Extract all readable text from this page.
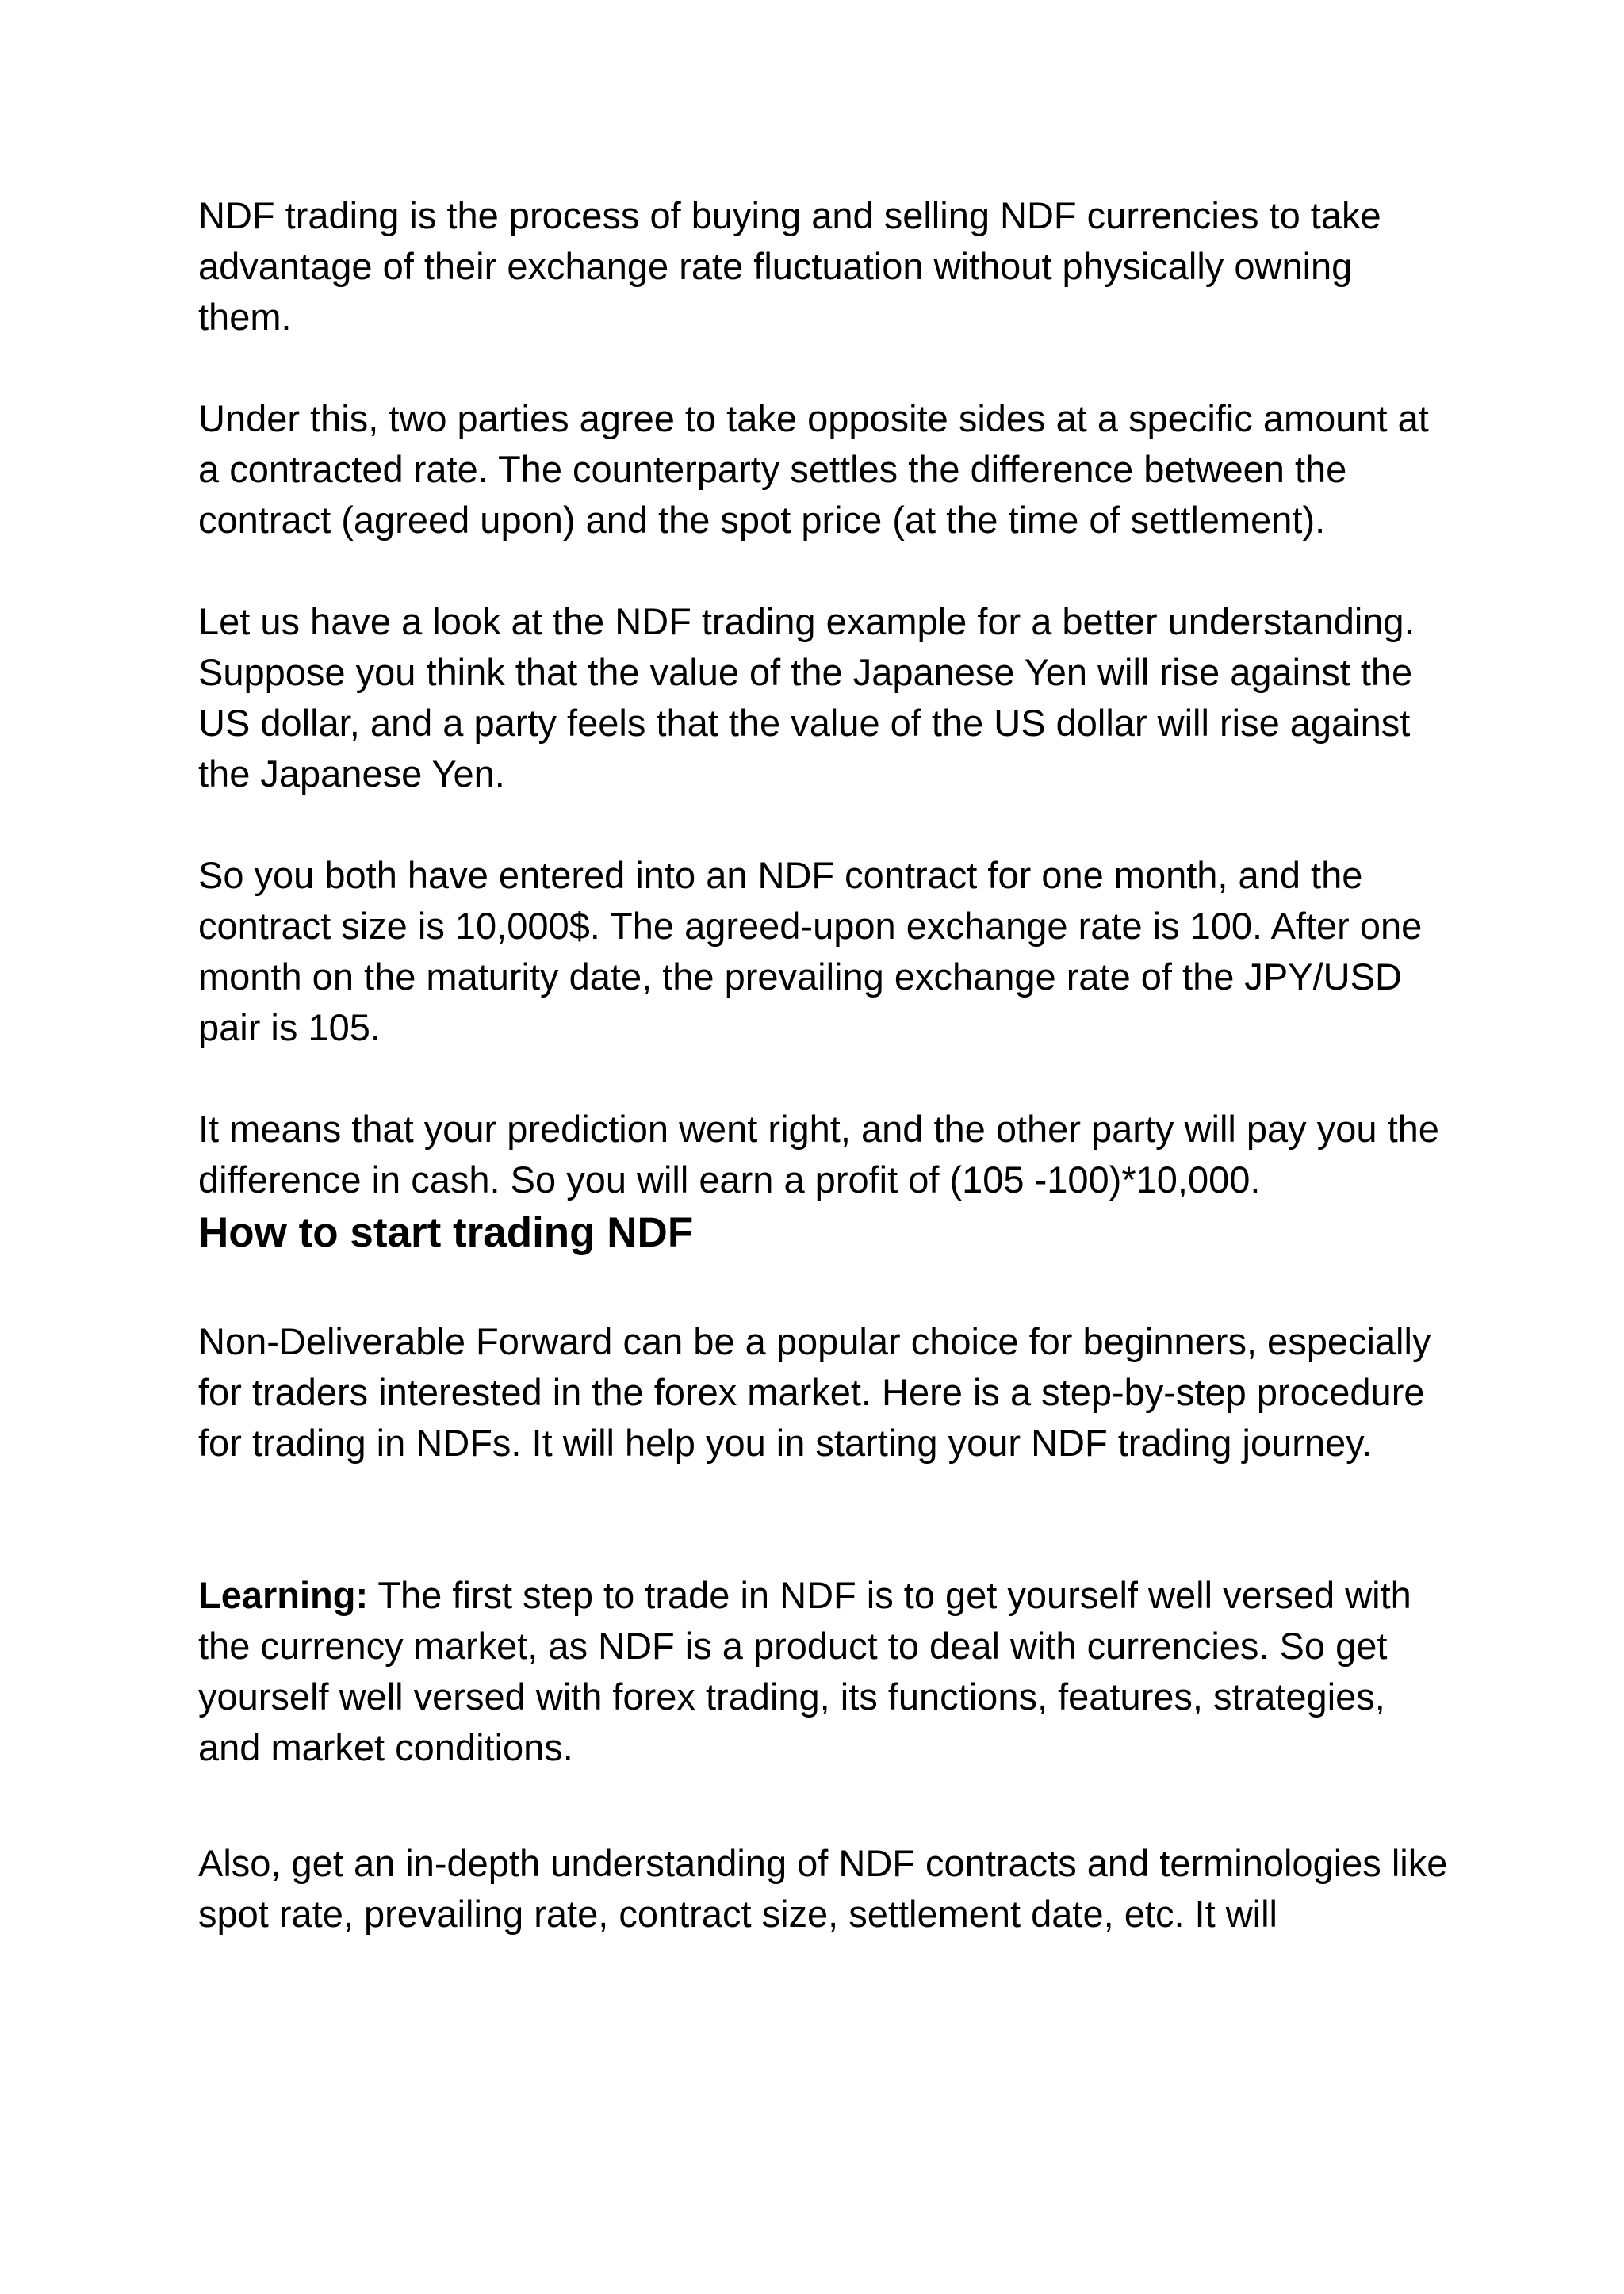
NDF trading is the process of buying and selling NDF currencies to take advantage of their exchange rate fluctuation without physically owning them.

Under this, two parties agree to take opposite sides at a specific amount at a contracted rate. The counterparty settles the difference between the contract (agreed upon) and the spot price (at the time of settlement).

Let us have a look at the NDF trading example for a better understanding. Suppose you think that the value of the Japanese Yen will rise against the US dollar, and a party feels that the value of the US dollar will rise against the Japanese Yen.

So you both have entered into an NDF contract for one month, and the contract size is 10,000$. The agreed-upon exchange rate is 100. After one month on the maturity date, the prevailing exchange rate of the JPY/USD pair is 105.

It means that your prediction went right, and the other party will pay you the difference in cash. So you will earn a profit of (105 -100)*10,000.

How to start trading NDF

Non-Deliverable Forward can be a popular choice for beginners, especially for traders interested in the forex market. Here is a step-by-step procedure for trading in NDFs. It will help you in starting your NDF trading journey.

Learning: The first step to trade in NDF is to get yourself well versed with the currency market, as NDF is a product to deal with currencies. So get yourself well versed with forex trading, its functions, features, strategies, and market conditions.

Also, get an in-depth understanding of NDF contracts and terminologies like spot rate, prevailing rate, contract size, settlement date, etc. It will
